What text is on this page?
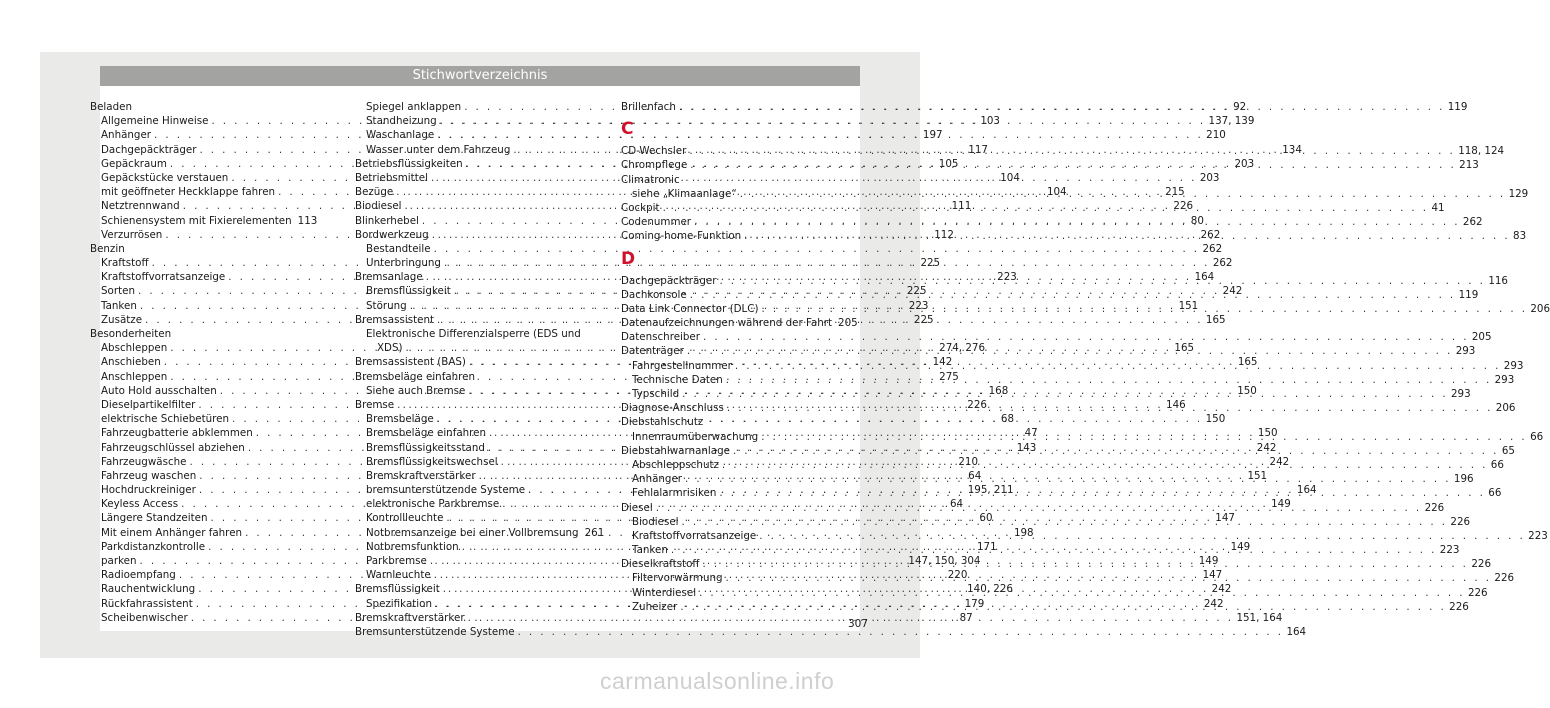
Stichwortverzeichnis
Beladen
Allgemeine Hinweise . . .	103
Anhänger . . .	197
Dachgepäckträger . . .	117
Gepäckraum . . .	105
Gepäckstücke verstauen . . .	104
mit geöffneter Heckklappe fahren . . .	104
Netztrennwand . . .	111
Schienensystem mit Fixierelementen 113
Verzurrösen . . .	112
Benzin
Kraftstoff . . .	225
Kraftstoffvorratsanzeige . . .	223
Sorten . . .	225
Tanken . . .	223
Zusätze . . .	225
Besonderheiten
Abschleppen . . .	274, 276
Anschieben . . .	142
Anschleppen . . .	275
Auto Hold ausschalten . . .	168
Dieselpartikelfilter . . .	226
elektrische Schiebetüren . . .	68
Fahrzeugbatterie abklemmen . . .	47
Fahrzeugschlüssel abziehen . . .	143
Fahrzeugwäsche . . .	210
Fahrzeug waschen . . .	64
Hochdruckreiniger . . .	195, 211
Keyless Access . . .	64
Längere Standzeiten . . .	60
Mit einem Anhänger fahren . . .	198
Parkdistanzkontrolle . . .	171
parken . . .	147, 150, 304
Radioempfang . . .	220
Rauchentwicklung . . .	140, 226
Rückfahrassistent . . .	179
Scheibenwischer . . .	87
Spiegel anklappen . . .	92
Standheizung . . .	137, 139
Waschanlage . . .	210
Wasser unter dem Fahrzeug . . .	134
Betriebsflüssigkeiten . . .	203
Betriebsmittel . . .	203
Bezüge . . .	215
Biodiesel . . .	226
Blinkerhebel . . .	80
Bordwerkzeug . . .	262
Bestandteile . . .	262
Unterbringung . . .	262
Bremsanlage . . .	164
Bremsflüssigkeit . . .	242
Störung . . .	151
Bremsassistent . . .	165
Elektronische Differenzialsperre (EDS und
XDS) . . .	165
Bremsassistent (BAS) . . .	165
Bremsbeläge einfahren
Siehe auch Bremse . . .	150
Bremse . . .	146
Bremsbeläge . . .	150
Bremsbeläge einfahren . . .	150
Bremsflüssigkeitsstand . . .	242
Bremsflüssigkeitswechsel . . .	242
Bremskraftverstärker . . .	151
bremsunterstützende Systeme . . .	164
elektronische Parkbremse . . .	149
Kontrollleuchte . . .	147
Notbremsanzeige bei einer Vollbremsung 261
Notbremsfunktion . . .	149
Parkbremse . . .	149
Warnleuchte . . .	147
Bremsflüssigkeit . . .	242
Spezifikation . . .	242
Bremskraftverstärker . . .	151, 164
Bremsunterstützende Systeme . . .	164
Brillenfach . . .	119
C
CD-Wechsler . . .	118, 124
Chrompflege . . .	213
Climatronic
siehe „Klimaanlage“ . . .	129
Cockpit . . .	41
Codenummer . . .	262
Coming-home-Funktion . . .	83
D
Dachgepäckträger . . .	116
Dachkonsole . . .	119
Data Link Connector (DLC) . . .	206
Datenaufzeichnungen während der Fahrt 205
Datenschreiber . . .	205
Datenträger . . .	293
Fahrgestellnummer . . .	293
Technische Daten . . .	293
Typschild . . .	293
Diagnose-Anschluss . . .	206
Diebstahlschutz
Innenraumüberwachung . . .	66
Diebstahlwarnanlage . . .	65
Abschleppschutz . . .	66
Anhänger . . .	196
Fehlalarmrisiken . . .	66
Diesel . . .	226
Biodiesel . . .	226
Kraftstoffvorratsanzeige . . .	223
Tanken . . .	223
Dieselkraftstoff . . .	226
Filtervorwärmung . . .	226
Winterdiesel . . .	226
Zuheizer . . .	226
307
carmanualsonline.info
